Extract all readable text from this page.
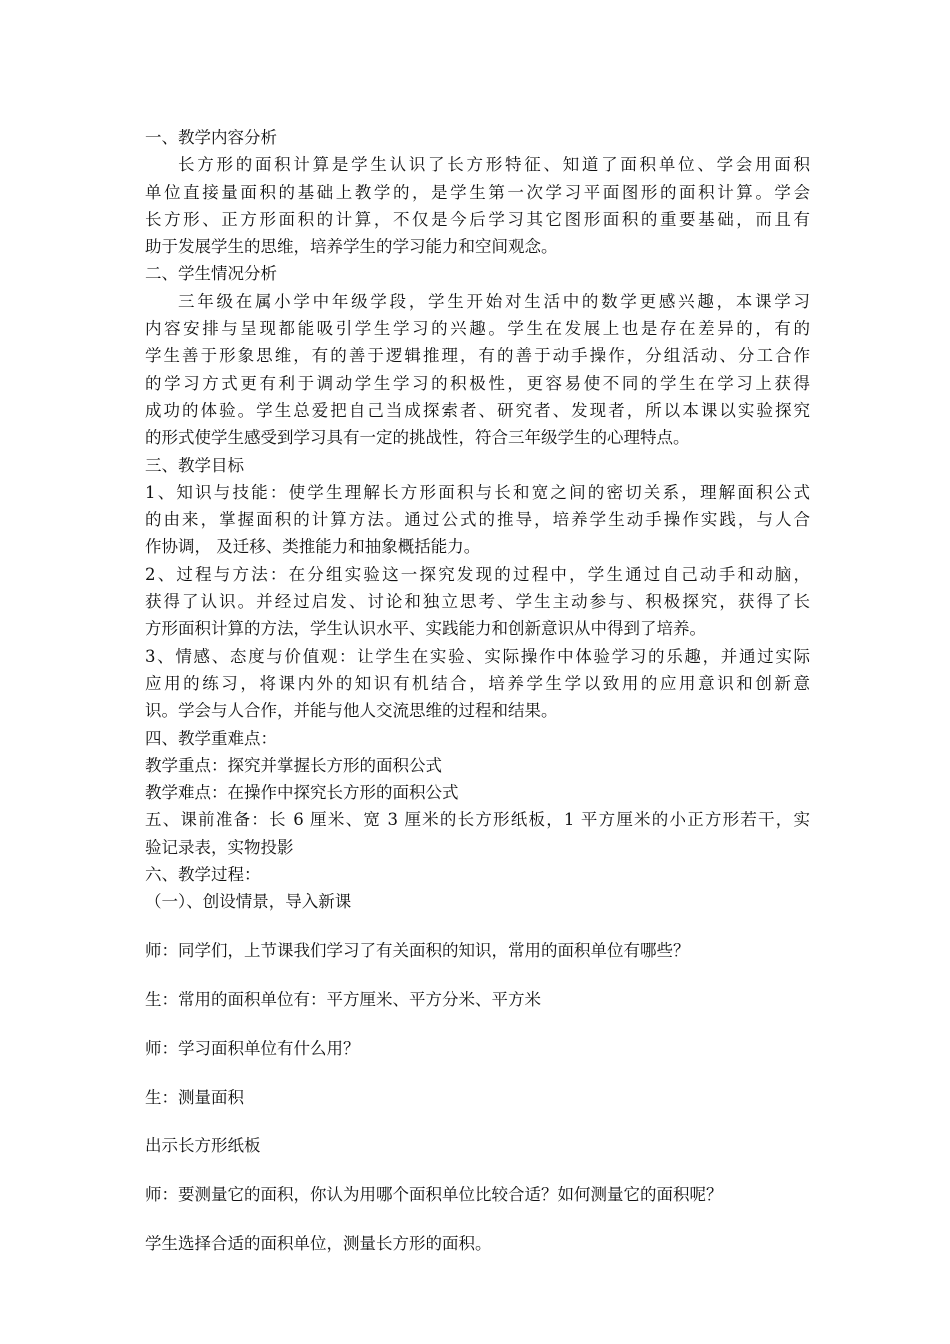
一、教学内容分析
长方形的面积计算是学生认识了长方形特征、知道了面积单位、学会用面积
单位直接量面积的基础上教学的，是学生第一次学习平面图形的面积计算。学会
长方形、正方形面积的计算，不仅是今后学习其它图形面积的重要基础，而且有
助于发展学生的思维，培养学生的学习能力和空间观念。
二、学生情况分析
三年级在属小学中年级学段，学生开始对生活中的数学更感兴趣，本课学习
内容安排与呈现都能吸引学生学习的兴趣。学生在发展上也是存在差异的，有的
学生善于形象思维，有的善于逻辑推理，有的善于动手操作，分组活动、分工合作
的学习方式更有利于调动学生学习的积极性，更容易使不同的学生在学习上获得
成功的体验。学生总爱把自己当成探索者、研究者、发现者，所以本课以实验探究
的形式使学生感受到学习具有一定的挑战性，符合三年级学生的心理特点。
三、教学目标
1、知识与技能：使学生理解长方形面积与长和宽之间的密切关系，理解面积公式
的由来，掌握面积的计算方法。通过公式的推导，培养学生动手操作实践，与人合
作协调， 及迁移、类推能力和抽象概括能力。
2、过程与方法：在分组实验这一探究发现的过程中，学生通过自己动手和动脑，
获得了认识。并经过启发、讨论和独立思考、学生主动参与、积极探究，获得了长
方形面积计算的方法，学生认识水平、实践能力和创新意识从中得到了培养。
3、情感、态度与价值观：让学生在实验、实际操作中体验学习的乐趣，并通过实际
应用的练习，将课内外的知识有机结合，培养学生学以致用的应用意识和创新意
识。学会与人合作，并能与他人交流思维的过程和结果。
四、教学重难点：
教学重点：探究并掌握长方形的面积公式
教学难点：在操作中探究长方形的面积公式
五、课前准备：长 6 厘米、宽 3 厘米的长方形纸板，1 平方厘米的小正方形若干，实
验记录表，实物投影
六、教学过程：
（一）、创设情景，导入新课
师：同学们，上节课我们学习了有关面积的知识，常用的面积单位有哪些？
生：常用的面积单位有：平方厘米、平方分米、平方米
师：学习面积单位有什么用？
生：测量面积
出示长方形纸板
师：要测量它的面积，你认为用哪个面积单位比较合适？如何测量它的面积呢？
学生选择合适的面积单位，测量长方形的面积。
